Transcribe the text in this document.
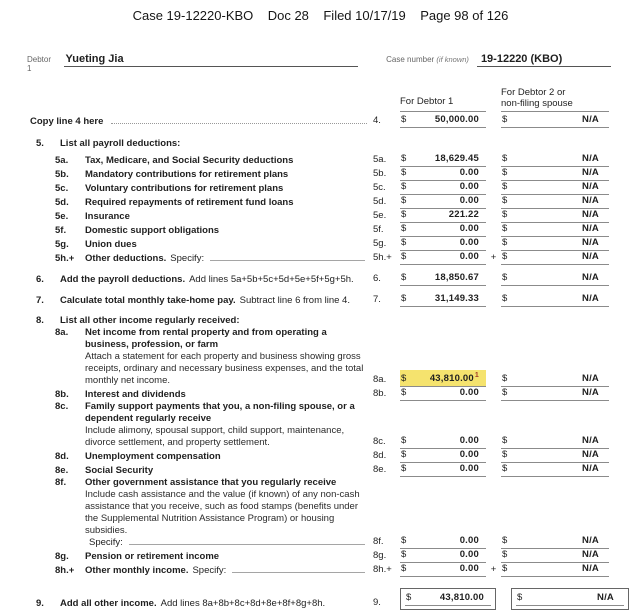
Case 19-12220-KBO    Doc 28    Filed 10/17/19    Page 98 of 126
Debtor 1
Yueting Jia	Case number (if known)	19-12220 (KBO)
For Debtor 1
For Debtor 2 or
non-filing spouse
Copy line 4 here	4.	$	50,000.00	$	N/A
5.	List all payroll deductions:
5a.	Tax, Medicare, and Social Security deductions	5a.	$	18,629.45	$	N/A
5b.	Mandatory contributions for retirement plans	5b.	$	0.00	$	N/A
5c.	Voluntary contributions for retirement plans	5c.	$	0.00	$	N/A
5d.	Required repayments of retirement fund loans	5d.	$	0.00	$	N/A
5e.	Insurance	5e.	$	221.22	$	N/A
5f.	Domestic support obligations	5f.	$	0.00	$	N/A
5g.	Union dues	5g.	$	0.00	$	N/A
5h.+	Other deductions. Specify:	5h.+ $	0.00	+ $	N/A
6.	Add the payroll deductions. Add lines 5a+5b+5c+5d+5e+5f+5g+5h. 6.	$	18,850.67	$	N/A
7.	Calculate total monthly take-home pay. Subtract line 6 from line 4. 7.	$	31,149.33	$	N/A
8.	List all other income regularly received:
8a.	Net income from rental property and from operating a business, profession, or farm
Attach a statement for each property and business showing gross receipts, ordinary and necessary business expenses, and the total monthly net income.	8a.	$ 43,810.00$^1$	$	N/A
8b.	Interest and dividends	8b.	$	0.00	$	N/A
8c.	Family support payments that you, a non-filing spouse, or a dependent regularly receive
Include alimony, spousal support, child support, maintenance, divorce settlement, and property settlement.	8c.	$	0.00	$	N/A
8d.	Unemployment compensation	8d.	$	0.00	$	N/A
8e.	Social Security	8e.	$	0.00	$	N/A
8f.	Other government assistance that you regularly receive
Include cash assistance and the value (if known) of any non-cash assistance that you receive, such as food stamps (benefits under the Supplemental Nutrition Assistance Program) or housing subsidies.
Specify:	8f.	$	0.00	$	N/A
8g.	Pension or retirement income	8g.	$	0.00	$	N/A
8h.+	Other monthly income. Specify:	8h.+ $	0.00	+ $	N/A
9.	Add all other income. Add lines 8a+8b+8c+8d+8e+8f+8g+8h.	9.	$	43,810.00	$	N/A
